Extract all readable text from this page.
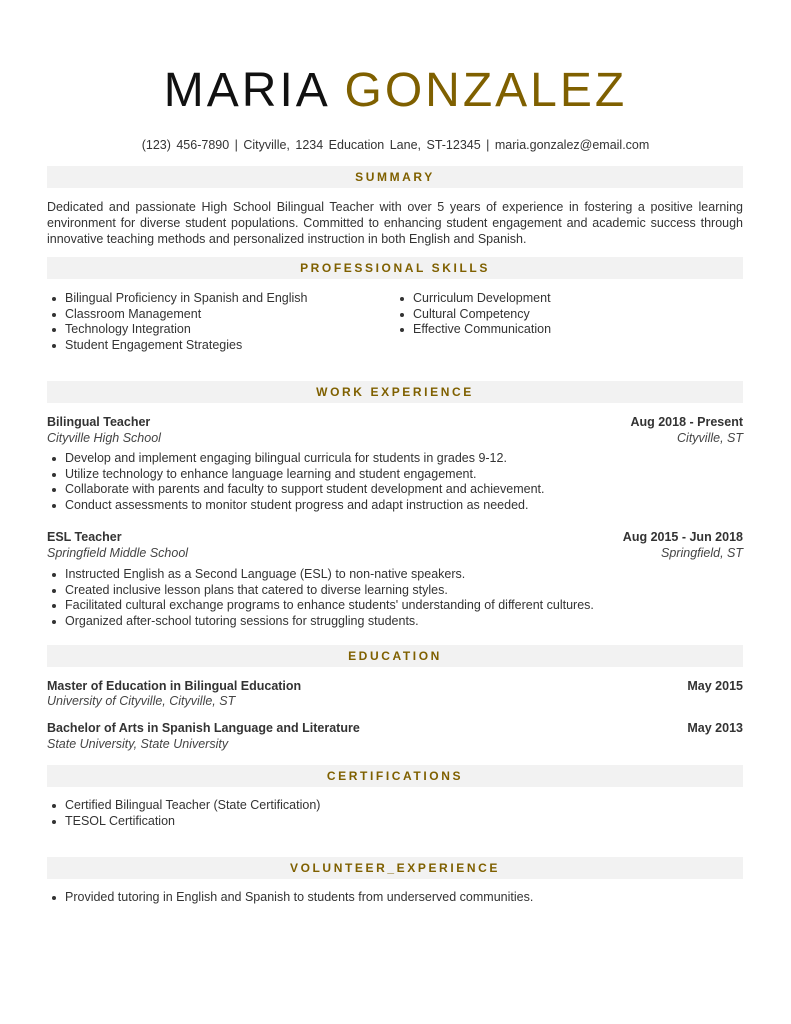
MARIA GONZALEZ
(123) 456-7890 | Cityville, 1234 Education Lane, ST-12345 | maria.gonzalez@email.com
SUMMARY
Dedicated and passionate High School Bilingual Teacher with over 5 years of experience in fostering a positive learning environment for diverse student populations. Committed to enhancing student engagement and academic success through innovative teaching methods and personalized instruction in both English and Spanish.
PROFESSIONAL SKILLS
Bilingual Proficiency in Spanish and English
Classroom Management
Technology Integration
Student Engagement Strategies
Curriculum Development
Cultural Competency
Effective Communication
WORK EXPERIENCE
Bilingual Teacher	Aug 2018 - Present
Cityville High School	Cityville, ST
Develop and implement engaging bilingual curricula for students in grades 9-12.
Utilize technology to enhance language learning and student engagement.
Collaborate with parents and faculty to support student development and achievement.
Conduct assessments to monitor student progress and adapt instruction as needed.
ESL Teacher	Aug 2015 - Jun 2018
Springfield Middle School	Springfield, ST
Instructed English as a Second Language (ESL) to non-native speakers.
Created inclusive lesson plans that catered to diverse learning styles.
Facilitated cultural exchange programs to enhance students' understanding of different cultures.
Organized after-school tutoring sessions for struggling students.
EDUCATION
Master of Education in Bilingual Education	May 2015
University of Cityville, Cityville, ST
Bachelor of Arts in Spanish Language and Literature	May 2013
State University, State University
CERTIFICATIONS
Certified Bilingual Teacher (State Certification)
TESOL Certification
VOLUNTEER_EXPERIENCE
Provided tutoring in English and Spanish to students from underserved communities.
